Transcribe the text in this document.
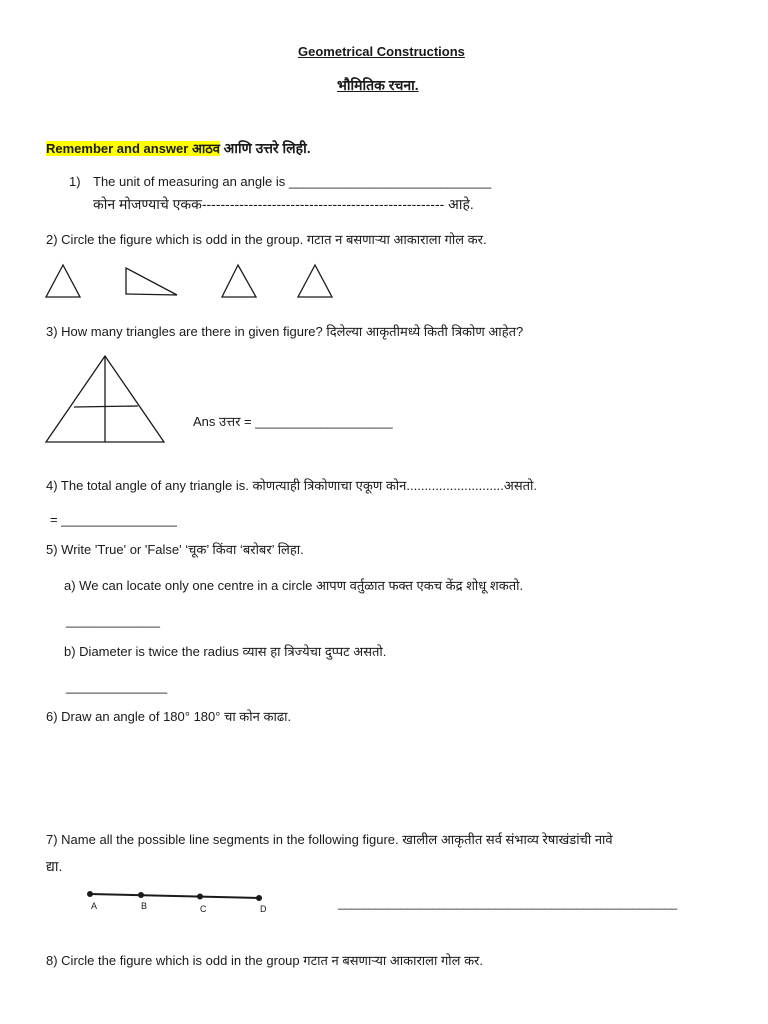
Geometrical Constructions
भौमितिक रचना.
Remember and answer आठव आणि उत्तरे लिही.
1) The unit of measuring an angle is ____________________________
कोन मोजण्याचे एकक---------------------------------------------------- आहे.
2) Circle the figure which is odd in the group. गटात न बसणाऱ्या आकाराला गोल कर.
3) How many triangles are there in given figure? दिलेल्या आकृतीमध्ये किती त्रिकोण आहेत?
Ans उत्तर = ___________________
4) The total angle of any triangle is. कोणत्याही त्रिकोणाचा एकूण कोन...........................असतो.
= ________________
5) Write 'True' or 'False' ‘चूक’ किंवा ‘बरोबर’ लिहा.
a) We can locate only one centre in a circle आपण वर्तुळात फक्त एकच केंद्र शोधू शकतो.
_____________
b) Diameter is twice the radius व्यास हा त्रिज्येचा दुप्पट असतो.
______________
6) Draw an angle of 180° 180° चा कोन काढा.
7) Name all the possible line segments in the following figure. खालील आकृतीत सर्व संभाव्य रेषाखंडांची नावे
द्या.
A	B	C	D	______________________________________________________
8) Circle the figure which is odd in the group गटात न बसणाऱ्या आकाराला गोल कर.
